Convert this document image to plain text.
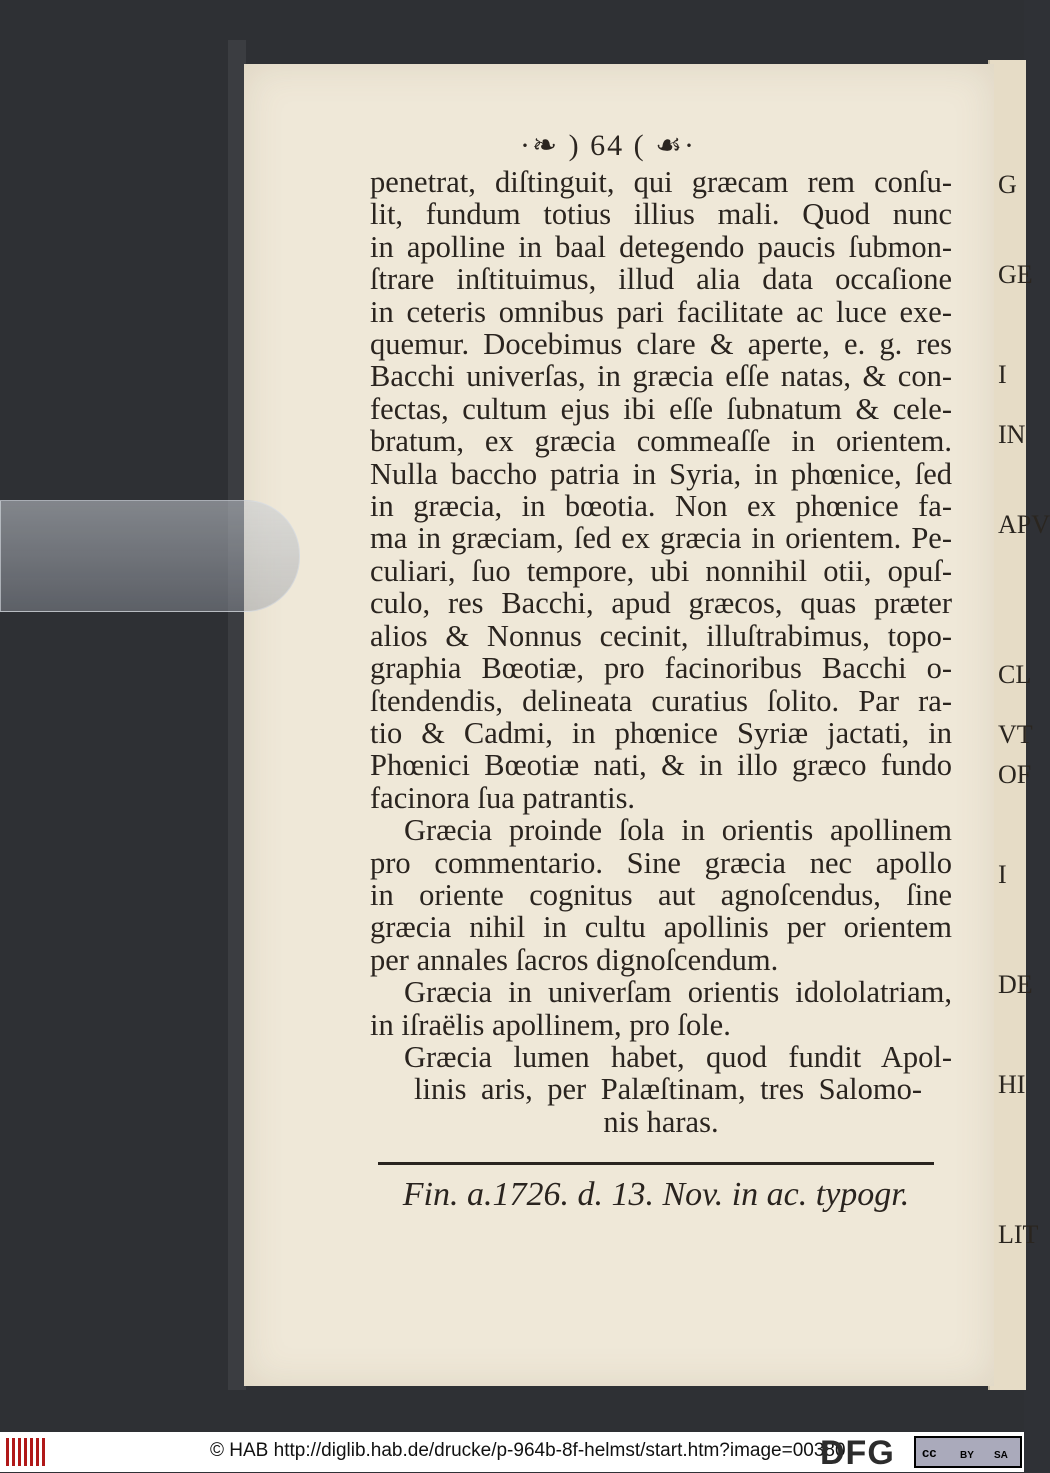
G
GE
I
IN
APV
CL
VT
OF
I
DE
HI
LIT
·❧ ) 64 ( ☙·
penetrat, diſtinguit, qui græcam rem conſu-
lit, fundum totius illius mali. Quod nunc
in apolline in baal detegendo paucis ſubmon-
ſtrare inſtituimus, illud alia data occaſione
in ceteris omnibus pari facilitate ac luce exe-
quemur. Docebimus clare & aperte, e. g. res
Bacchi univerſas, in græcia eſſe natas, & con-
fectas, cultum ejus ibi eſſe ſubnatum & cele-
bratum, ex græcia commeaſſe in orientem.
Nulla baccho patria in Syria, in phœnice, ſed
in græcia, in bœotia. Non ex phœnice fa-
ma in græciam, ſed ex græcia in orientem. Pe-
culiari, ſuo tempore, ubi nonnihil otii, opuſ-
culo, res Bacchi, apud græcos, quas præter
alios & Nonnus cecinit, illuſtrabimus, topo-
graphia Bœotiæ, pro facinoribus Bacchi o-
ſtendendis, delineata curatius ſolito. Par ra-
tio & Cadmi, in phœnice Syriæ jactati, in
Phœnici Bœotiæ nati, & in illo græco fundo
facinora ſua patrantis.
Græcia proinde ſola in orientis apollinem
pro commentario. Sine græcia nec apollo
in oriente cognitus aut agnoſcendus, ſine
græcia nihil in cultu apollinis per orientem
per annales ſacros dignoſcendum.
Græcia in univerſam orientis idololatriam,
in iſraëlis apollinem, pro ſole.
Græcia lumen habet, quod fundit Apol-
linis aris, per Palæſtinam, tres Salomo-
nis haras.
Fin. a.1726. d. 13. Nov. in ac. typogr.
© HAB http://diglib.hab.de/drucke/p-964b-8f-helmst/start.htm?image=00380
DFG cc BY SA
